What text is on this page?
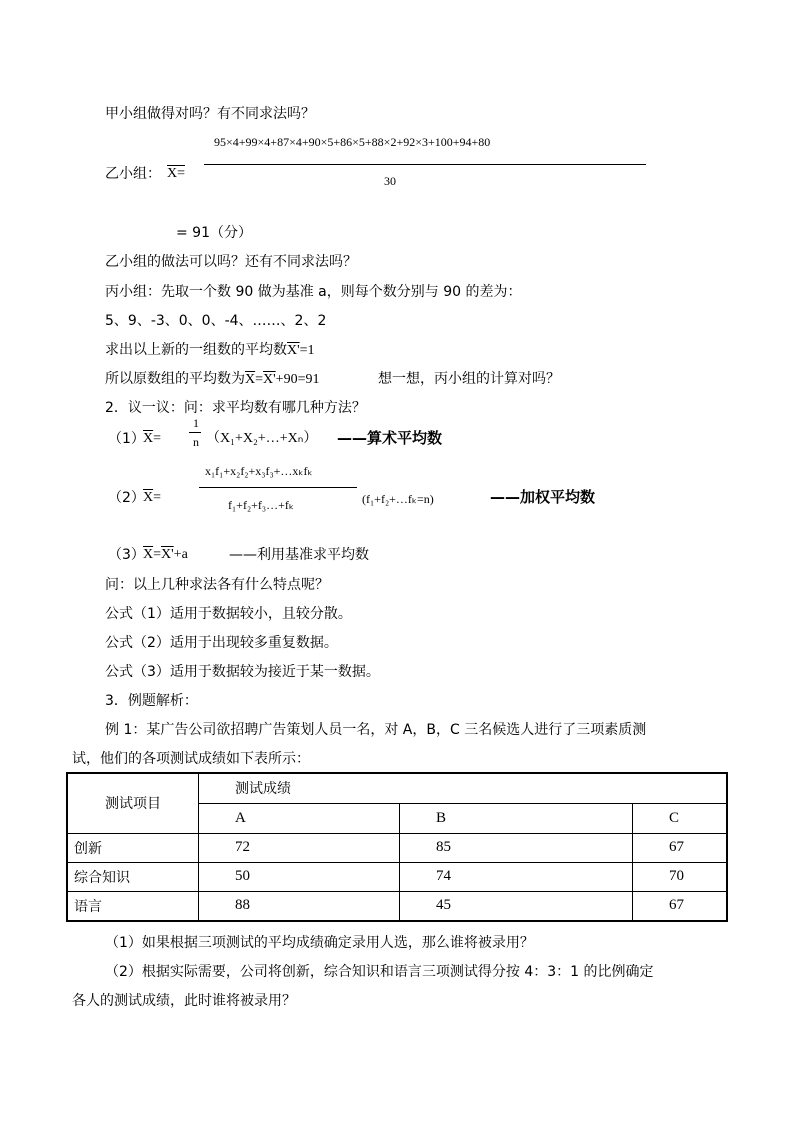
甲小组做得对吗？有不同求法吗？
95×4+99×4+87×4+90×5+86×5+88×2+92×3+100+94+80
乙小组： X=	30
= 91（分）
乙小组的做法可以吗？还有不同求法吗？
丙小组：先取一个数 90 做为基准 a，则每个数分别与 90 的差为：
5、9、-3、0、0、-4、……、2、2
求出以上新的一组数的平均数X'=1
所以原数组的平均数为$\overline{X}=X'+90=91$	想一想，丙小组的计算对吗？
2．议一议：问：求平均数有哪几种方法？
1
n
（1）
$\overline{X}=$	（X₁+X₂+…+Xₙ） ——算术平均数
x₁f₁+x₂f₂+x₃f₃+…xₖfₖ
（2）
$\overline{X}=$	(f₁+f₂+…fₖ=n)
f₁+f₂+f₃…+fₖ	——加权平均数
（3）
$\overline{X}=X'+a$	——利用基准求平均数
问：以上几种求法各有什么特点呢？
公式（1）适用于数据较小，且较分散。
公式（2）适用于出现较多重复数据。
公式（3）适用于数据较为接近于某一数据。
3．例题解析：
例 1：某广告公司欲招聘广告策划人员一名，对 A，B，C 三名候选人进行了三项素质测
试，他们的各项测试成绩如下表所示：
测试项目	测试成绩		
	A	B	C
创新	72	85	67
综合知识	50	74	70
语言	88	45	67
（1）如果根据三项测试的平均成绩确定录用人选，那么谁将被录用？
（2）根据实际需要，公司将创新，综合知识和语言三项测试得分按 4：3：1 的比例确定
各人的测试成绩，此时谁将被录用？
